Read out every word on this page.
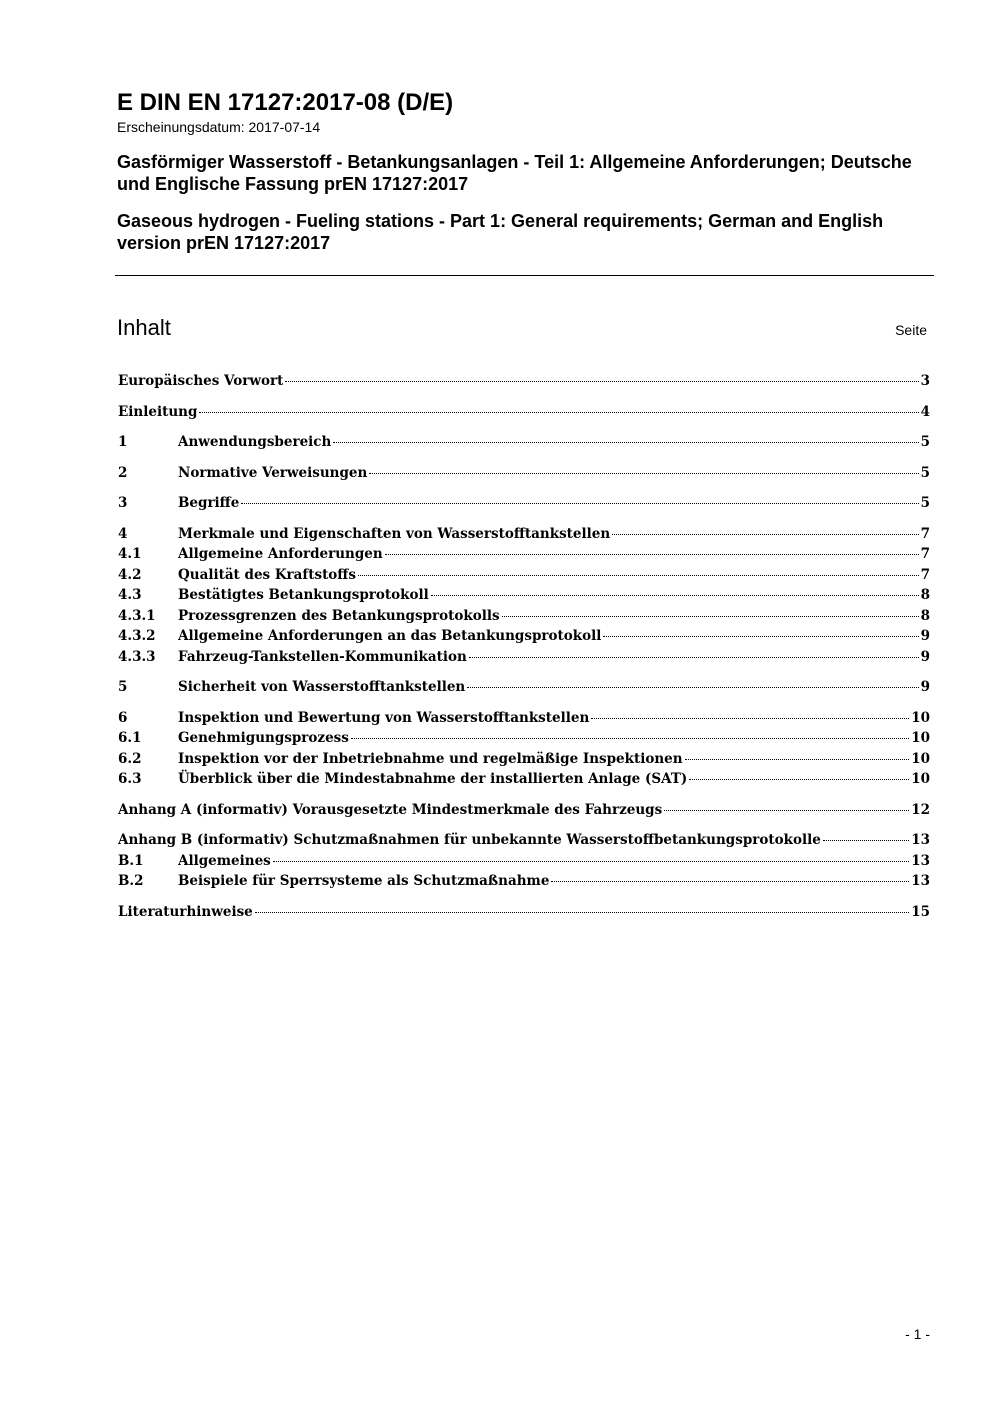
E DIN EN 17127:2017-08 (D/E)
Erscheinungsdatum: 2017-07-14
Gasförmiger Wasserstoff - Betankungsanlagen - Teil 1: Allgemeine Anforderungen; Deutsche und Englische Fassung prEN 17127:2017
Gaseous hydrogen - Fueling stations - Part 1: General requirements; German and English version prEN 17127:2017
Inhalt	Seite
Europäisches Vorwort	3
Einleitung	4
1	Anwendungsbereich	5
2	Normative Verweisungen	5
3	Begriffe	5
4	Merkmale und Eigenschaften von Wasserstofftankstellen	7
4.1	Allgemeine Anforderungen	7
4.2	Qualität des Kraftstoffs	7
4.3	Bestätigtes Betankungsprotokoll	8
4.3.1	Prozessgrenzen des Betankungsprotokolls	8
4.3.2	Allgemeine Anforderungen an das Betankungsprotokoll	9
4.3.3	Fahrzeug-Tankstellen-Kommunikation	9
5	Sicherheit von Wasserstofftankstellen	9
6	Inspektion und Bewertung von Wasserstofftankstellen	10
6.1	Genehmigungsprozess	10
6.2	Inspektion vor der Inbetriebnahme und regelmäßige Inspektionen	10
6.3	Überblick über die Mindestabnahme der installierten Anlage (SAT)	10
Anhang A (informativ) Vorausgesetzte Mindestmerkmale des Fahrzeugs	12
Anhang B (informativ) Schutzmaßnahmen für unbekannte Wasserstoffbetankungsprotokolle	13
B.1	Allgemeines	13
B.2	Beispiele für Sperrsysteme als Schutzmaßnahme	13
Literaturhinweise	15
- 1 -
